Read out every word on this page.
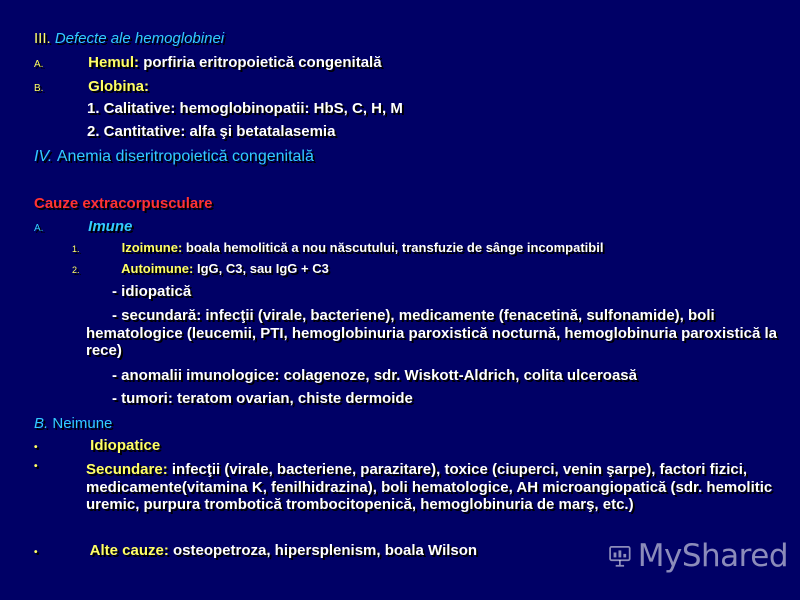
III. Defecte ale hemoglobinei
A.	Hemul: porfiria eritropoietică congenitală
B.	Globina:
1. Calitative: hemoglobinopatii: HbS, C, H, M
2. Cantitative: alfa şi betatalasemia
IV. Anemia diseritropoietică congenitală
Cauze extracorpusculare
A.	Imune
1.	Izoimune: boala hemolitică a nou născutului, transfuzie de sânge incompatibil
2.	Autoimune: IgG, C3, sau IgG + C3
- idiopatică
- secundară: infecţii (virale, bacteriene), medicamente (fenacetină, sulfonamide), boli hematologice (leucemii, PTI, hemoglobinuria paroxistică nocturnă, hemoglobinuria paroxistică la rece)
- anomalii imunologice: colagenoze, sdr. Wiskott-Aldrich, colita ulceroasă
- tumori: teratom ovarian, chiste dermoide
B. Neimune
•	Idiopatice
•	Secundare: infecţii (virale, bacteriene, parazitare), toxice (ciuperci, venin şarpe), factori fizici, medicamente(vitamina K, fenilhidrazina), boli hematologice, AH microangiopatică (sdr. hemolitic uremic, purpura trombotică trombocitopenică, hemoglobinuria de marş, etc.)
•	Alte cauze: osteopetroza, hipersplenism, boala Wilson	MyShared
